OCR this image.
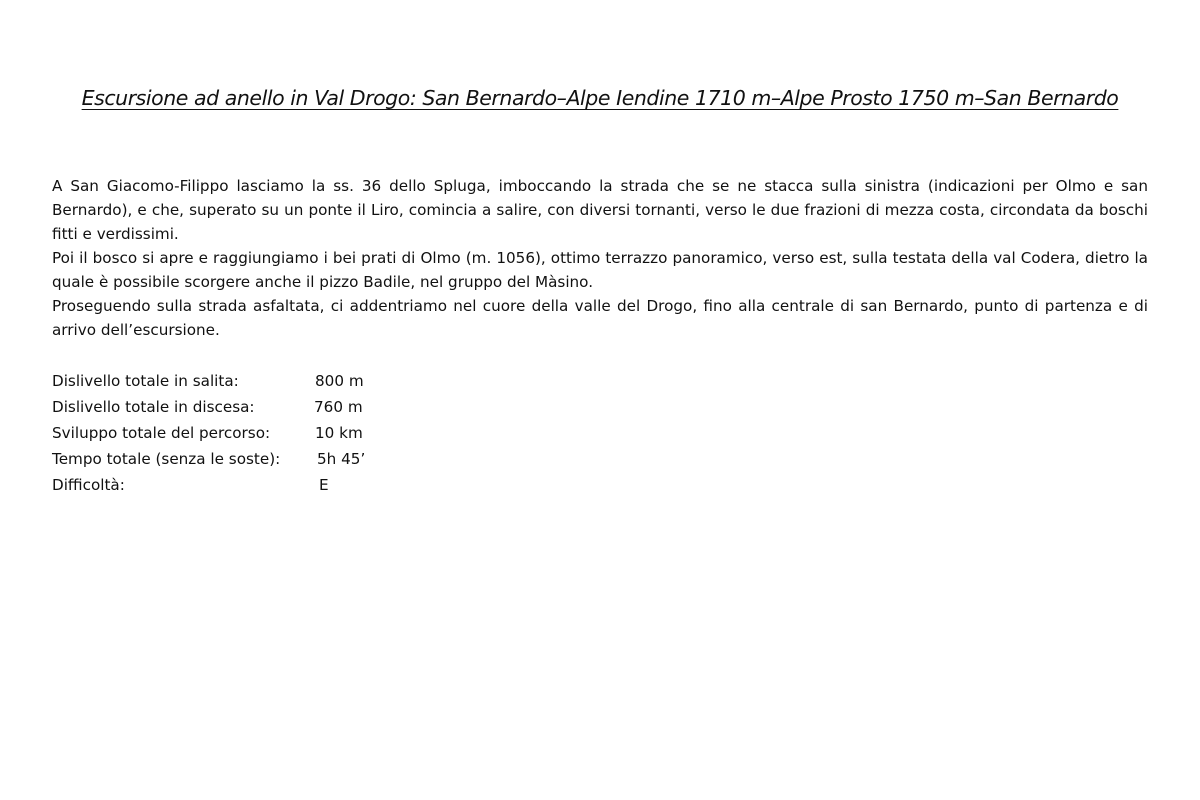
Escursione ad anello in Val Drogo: San Bernardo–Alpe Iendine 1710 m–Alpe Prosto 1750 m–San Bernardo

A San Giacomo-Filippo lasciamo la ss. 36 dello Spluga, imboccando la strada che se ne stacca sulla sinistra (indicazioni per Olmo e san Bernardo), e che, superato su un ponte il Liro, comincia a salire, con diversi tornanti, verso le due frazioni di mezza costa, circondata da boschi fitti e verdissimi.

Poi il bosco si apre e raggiungiamo i bei prati di Olmo (m. 1056), ottimo terrazzo panoramico, verso est, sulla testata della val Codera, dietro la quale è possibile scorgere anche il pizzo Badile, nel gruppo del Màsino.

Proseguendo sulla strada asfaltata, ci addentriamo nel cuore della valle del Drogo, fino alla centrale di san Bernardo, punto di partenza e di arrivo dell’escursione.

Dislivello totale in salita:	800 m
Dislivello totale in discesa:	760 m
Sviluppo totale del percorso:	10 km
Tempo totale (senza le soste): 5h 45’
Difficoltà:	E
